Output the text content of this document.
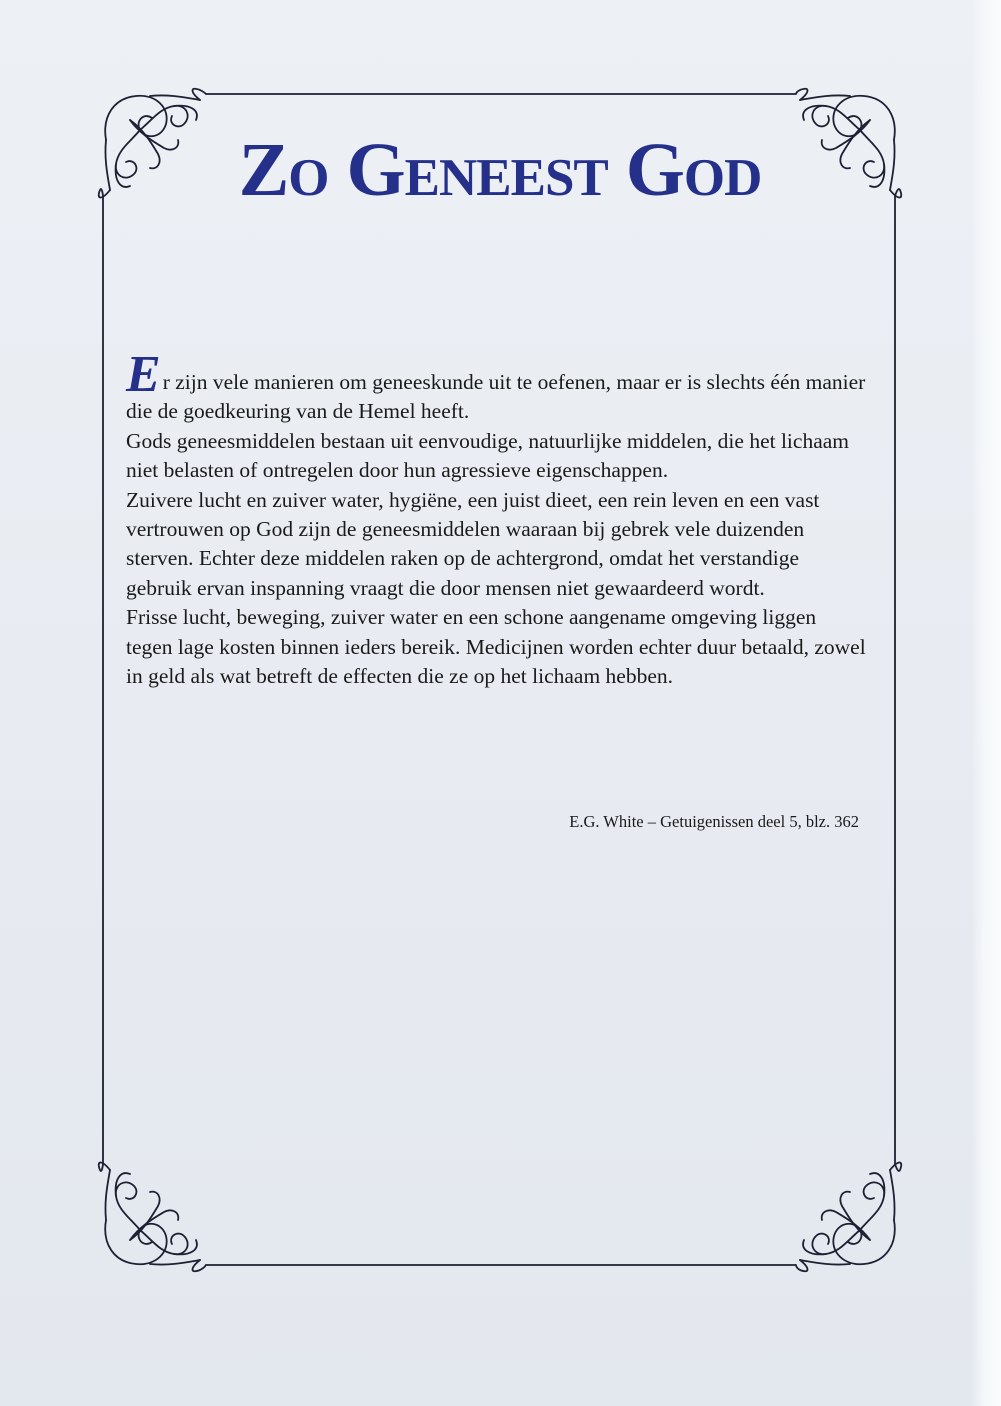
Zo Geneest God

Er zijn vele manieren om geneeskunde uit te oefenen, maar er is slechts één manier die de goedkeuring van de Hemel heeft.

Gods geneesmiddelen bestaan uit eenvoudige, natuurlijke middelen, die het lichaam niet belasten of ontregelen door hun agressieve eigenschappen.

Zuivere lucht en zuiver water, hygiëne, een juist dieet, een rein leven en een vast vertrouwen op God zijn de geneesmiddelen waaraan bij gebrek vele duizenden sterven. Echter deze middelen raken op de achtergrond, omdat het verstandige gebruik ervan inspanning vraagt die door mensen niet gewaardeerd wordt.

Frisse lucht, beweging, zuiver water en een schone aangename omgeving liggen tegen lage kosten binnen ieders bereik. Medicijnen worden echter duur betaald, zowel in geld als wat betreft de effecten die ze op het lichaam hebben.

E.G. White – Getuigenissen deel 5, blz. 362
